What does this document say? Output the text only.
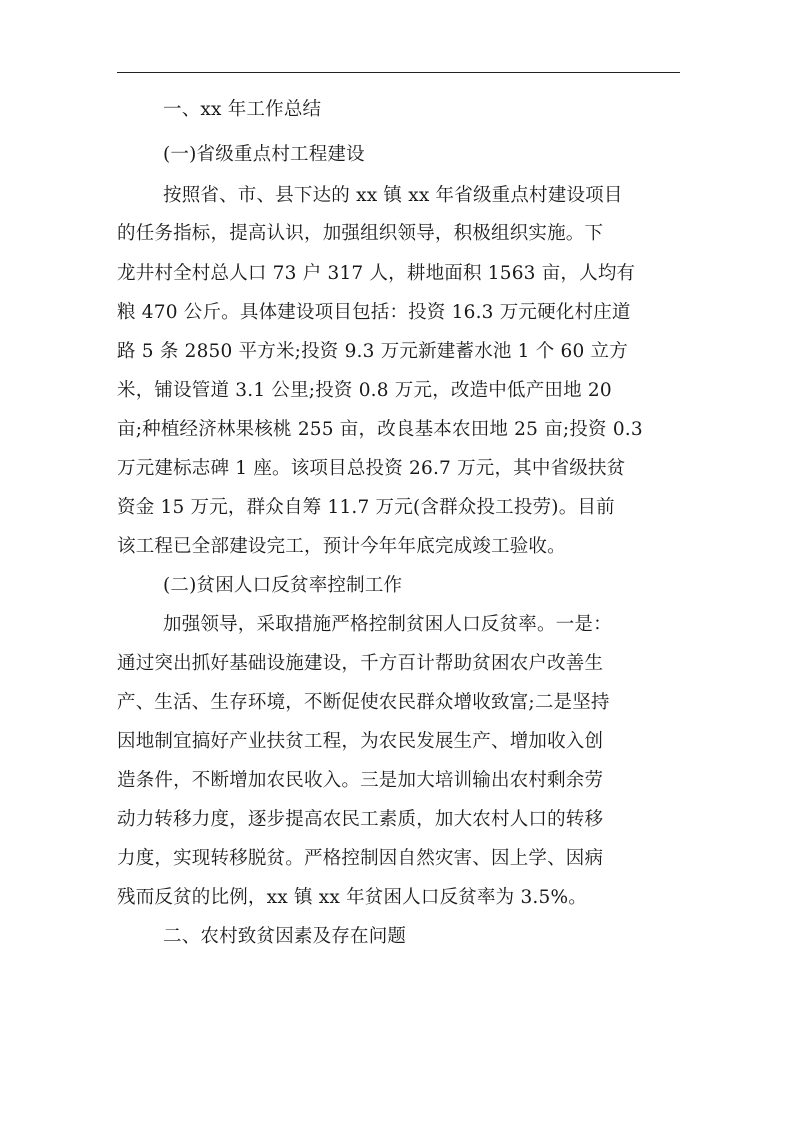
一、xx 年工作总结
(一)省级重点村工程建设
按照省、市、县下达的 xx 镇 xx 年省级重点村建设项目
的任务指标，提高认识，加强组织领导，积极组织实施。下
龙井村全村总人口 73 户 317 人，耕地面积 1563 亩，人均有
粮 470 公斤。具体建设项目包括：投资 16.3 万元硬化村庄道
路 5 条 2850 平方米;投资 9.3 万元新建蓄水池 1 个 60 立方
米，铺设管道 3.1 公里;投资 0.8 万元，改造中低产田地 20
亩;种植经济林果核桃 255 亩，改良基本农田地 25 亩;投资 0.3
万元建标志碑 1 座。该项目总投资 26.7 万元，其中省级扶贫
资金 15 万元，群众自筹 11.7 万元(含群众投工投劳)。目前
该工程已全部建设完工，预计今年年底完成竣工验收。
(二)贫困人口反贫率控制工作
加强领导，采取措施严格控制贫困人口反贫率。一是：
通过突出抓好基础设施建设，千方百计帮助贫困农户改善生
产、生活、生存环境，不断促使农民群众增收致富;二是坚持
因地制宜搞好产业扶贫工程，为农民发展生产、增加收入创
造条件，不断增加农民收入。三是加大培训输出农村剩余劳
动力转移力度，逐步提高农民工素质，加大农村人口的转移
力度，实现转移脱贫。严格控制因自然灾害、因上学、因病
残而反贫的比例，xx 镇 xx 年贫困人口反贫率为 3.5%。
二、农村致贫因素及存在问题
